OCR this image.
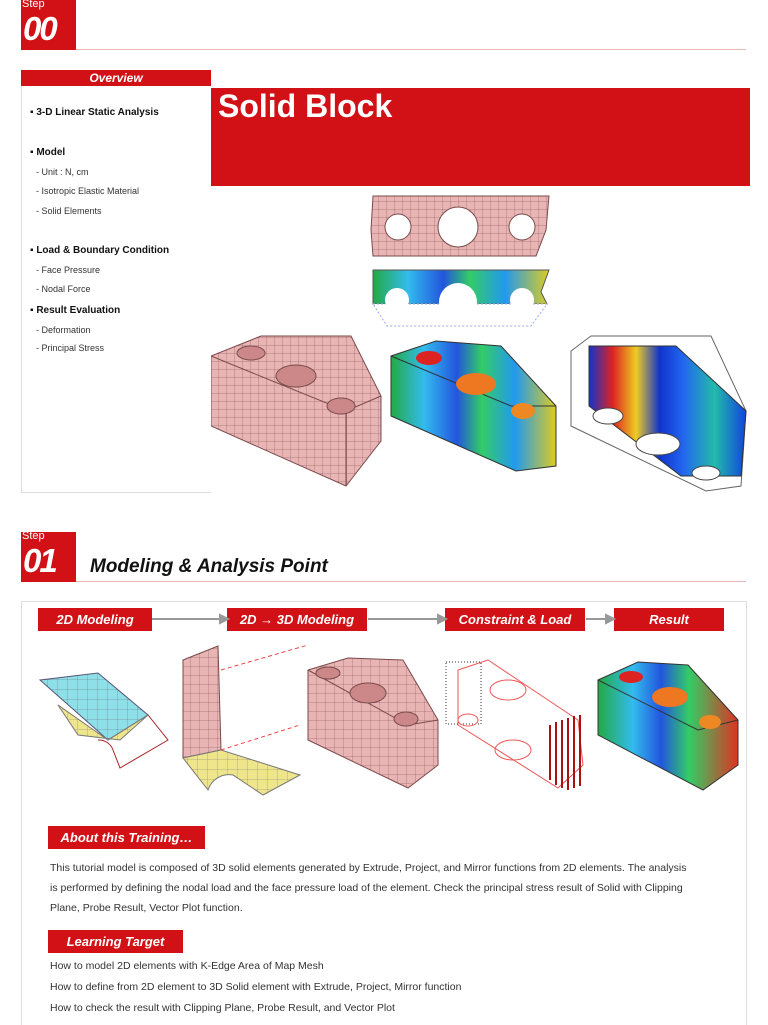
Step
00
Overview
▪ 3-D Linear Static Analysis
▪ Model
- Unit : N, cm
- Isotropic Elastic Material
- Solid Elements
▪ Load & Boundary Condition
- Face Pressure
- Nodal Force
▪ Result Evaluation
- Deformation
- Principal Stress
Solid Block
Step
01 Modeling & Analysis Point
2D Modeling	2D → 3D Modeling	Constraint & Load	Result
About this Training…
This tutorial model is composed of 3D solid elements generated by Extrude, Project, and Mirror functions from 2D elements. The analysis
is performed by defining the nodal load and the face pressure load of the element. Check the principal stress result of Solid with Clipping
Plane, Probe Result, Vector Plot function.
Learning Target
How to model 2D elements with K-Edge Area of Map Mesh
How to define from 2D element to 3D Solid element with Extrude, Project, Mirror function
How to check the result with Clipping Plane, Probe Result, and Vector Plot
